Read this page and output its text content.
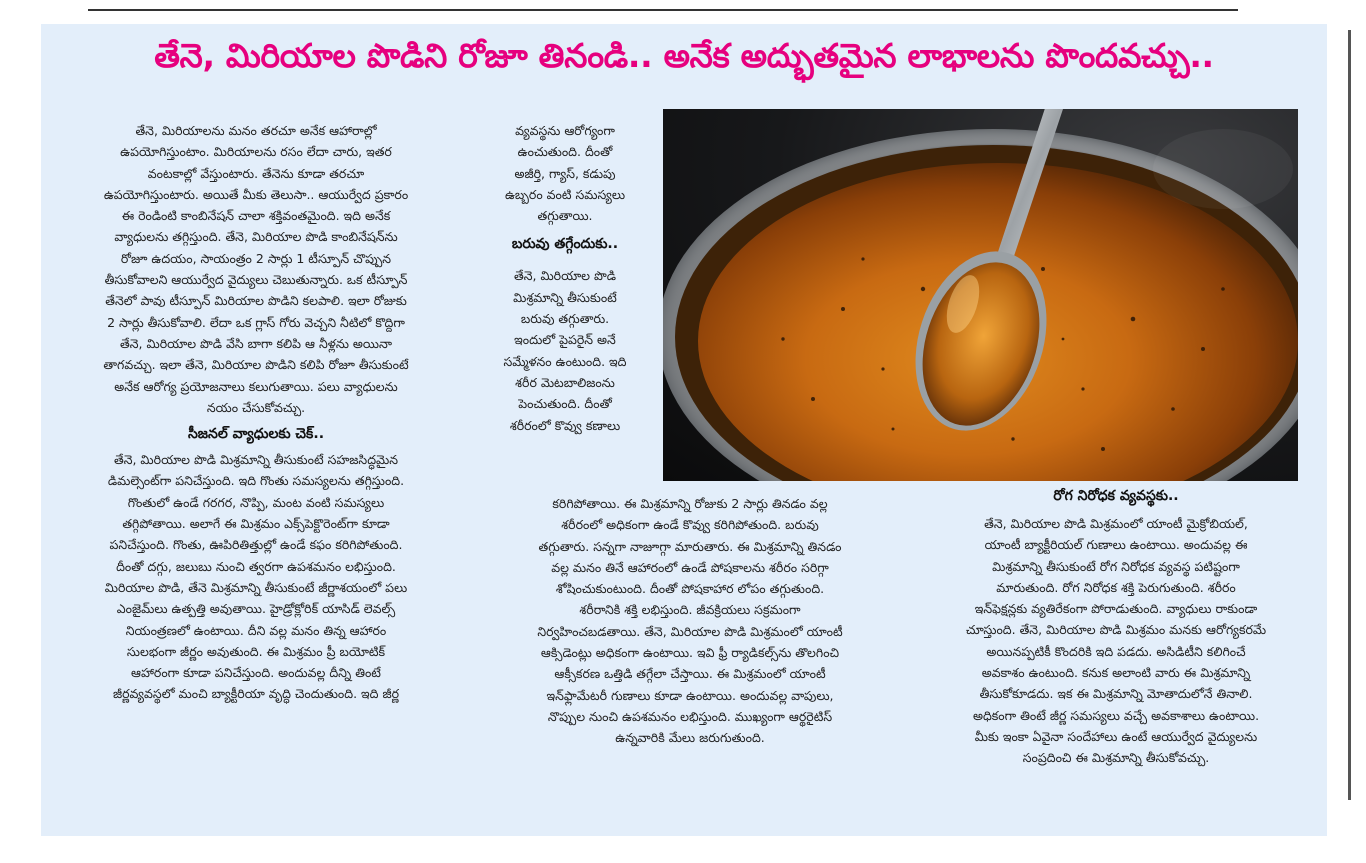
తేనె, మిరియాల పొడిని రోజూ తినండి.. అనేక అద్భుతమైన లాభాలను పొందవచ్చు..

తేనె, మిరియాలను మనం తరచూ అనేక ఆహారాల్లో

ఉపయోగిస్తుంటాం. మిరియాలను రసం లేదా చారు, ఇతర

వంటకాల్లో వేస్తుంటారు. తేనెను కూడా తరచూ

ఉపయోగిస్తుంటారు. అయితే మీకు తెలుసా.. ఆయుర్వేద ప్రకారం

ఈ రెండింటి కాంబినేషన్ చాలా శక్తివంతమైంది. ఇది అనేక

వ్యాధులను తగ్గిస్తుంది. తేనె, మిరియాల పొడి కాంబినేషన్‌ను

రోజూ ఉదయం, సాయంత్రం 2 సార్లు 1 టీస్పూన్ చొప్పున

తీసుకోవాలని ఆయుర్వేద వైద్యులు చెబుతున్నారు. ఒక టీస్పూన్

తేనెలో పావు టీస్పూన్ మిరియాల పొడిని కలపాలి. ఇలా రోజుకు

2 సార్లు తీసుకోవాలి. లేదా ఒక గ్లాస్ గోరు వెచ్చని నీటిలో కొద్దిగా

తేనె, మిరియాల పొడి వేసి బాగా కలిపి ఆ నీళ్లను అయినా

తాగవచ్చు. ఇలా తేనె, మిరియాల పొడిని కలిపి రోజూ తీసుకుంటే

అనేక ఆరోగ్య ప్రయోజనాలు కలుగుతాయి. పలు వ్యాధులను

నయం చేసుకోవచ్చు.

సీజనల్ వ్యాధులకు చెక్..

తేనె, మిరియాల పొడి మిశ్రమాన్ని తీసుకుంటే సహజసిద్ధమైన

డిమల్సెంట్‌గా పనిచేస్తుంది. ఇది గొంతు సమస్యలను తగ్గిస్తుంది.

గొంతులో ఉండే గరగర, నొప్పి, మంట వంటి సమస్యలు

తగ్గిపోతాయి. అలాగే ఈ మిశ్రమం ఎక్స్‌పెక్టొరెంట్‌గా కూడా

పనిచేస్తుంది. గొంతు, ఊపిరితిత్తుల్లో ఉండే కఫం కరిగిపోతుంది.

దీంతో దగ్గు, జలుబు నుంచి త్వరగా ఉపశమనం లభిస్తుంది.

మిరియాల పొడి, తేనె మిశ్రమాన్ని తీసుకుంటే జీర్ణాశయంలో పలు

ఎంజైమ్‌లు ఉత్పత్తి అవుతాయి. హైడ్రోక్లోరిక్ యాసిడ్ లెవల్స్

నియంత్రణలో ఉంటాయి. దీని వల్ల మనం తిన్న ఆహారం

సులభంగా జీర్ణం అవుతుంది. ఈ మిశ్రమం ప్రీ బయోటిక్

ఆహారంగా కూడా పనిచేస్తుంది. అందువల్ల దీన్ని తింటే

జీర్ణవ్యవస్థలో మంచి బ్యాక్టీరియా వృద్ధి చెందుతుంది. ఇది జీర్ణ

వ్యవస్థను ఆరోగ్యంగా

ఉంచుతుంది. దీంతో

అజీర్తి, గ్యాస్, కడుపు

ఉబ్బరం వంటి సమస్యలు

తగ్గుతాయి.

బరువు తగ్గేందుకు..

తేనె, మిరియాల పొడి

మిశ్రమాన్ని తీసుకుంటే

బరువు తగ్గుతారు.

ఇందులో పైపరైన్ అనే

సమ్మేళనం ఉంటుంది. ఇది

శరీర మెటబాలిజంను

పెంచుతుంది. దీంతో

శరీరంలో కొవ్వు కణాలు

కరిగిపోతాయి. ఈ మిశ్రమాన్ని రోజుకు 2 సార్లు తినడం వల్ల

శరీరంలో అధికంగా ఉండే కొవ్వు కరిగిపోతుంది. బరువు

తగ్గుతారు. సన్నగా నాజూగ్గా మారుతారు. ఈ మిశ్రమాన్ని తినడం

వల్ల మనం తినే ఆహారంలో ఉండే పోషకాలను శరీరం సరిగ్గా

శోషించుకుంటుంది. దీంతో పోషకాహార లోపం తగ్గుతుంది.

శరీరానికి శక్తి లభిస్తుంది. జీవక్రియలు సక్రమంగా

నిర్వహించబడతాయి. తేనె, మిరియాల పొడి మిశ్రమంలో యాంటీ

ఆక్సిడెంట్లు అధికంగా ఉంటాయి. ఇవి ఫ్రీ ర్యాడికల్స్‌ను తొలగించి

ఆక్సీకరణ ఒత్తిడి తగ్గేలా చేస్తాయి. ఈ మిశ్రమంలో యాంటీ

ఇన్‌ఫ్లామేటరీ గుణాలు కూడా ఉంటాయి. అందువల్ల వాపులు,

నొప్పుల నుంచి ఉపశమనం లభిస్తుంది. ముఖ్యంగా ఆర్థరైటిస్

ఉన్నవారికి మేలు జరుగుతుంది.

రోగ నిరోధక వ్యవస్థకు..

తేనె, మిరియాల పొడి మిశ్రమంలో యాంటీ మైక్రోబియల్,

యాంటీ బ్యాక్టీరియల్ గుణాలు ఉంటాయి. అందువల్ల ఈ

మిశ్రమాన్ని తీసుకుంటే రోగ నిరోధక వ్యవస్థ పటిష్టంగా

మారుతుంది. రోగ నిరోధక శక్తి పెరుగుతుంది. శరీరం

ఇన్‌ఫెక్షన్లకు వ్యతిరేకంగా పోరాడుతుంది. వ్యాధులు రాకుండా

చూస్తుంది. తేనె, మిరియాల పొడి మిశ్రమం మనకు ఆరోగ్యకరమే

అయినప్పటికీ కొందరికి ఇది పడదు. అసిడిటీని కలిగించే

అవకాశం ఉంటుంది. కనుక అలాంటి వారు ఈ మిశ్రమాన్ని

తీసుకోకూడదు. ఇక ఈ మిశ్రమాన్ని మోతాదులోనే తినాలి.

అధికంగా తింటే జీర్ణ సమస్యలు వచ్చే అవకాశాలు ఉంటాయి.

మీకు ఇంకా ఏవైనా సందేహాలు ఉంటే ఆయుర్వేద వైద్యులను

సంప్రదించి ఈ మిశ్రమాన్ని తీసుకోవచ్చు.
